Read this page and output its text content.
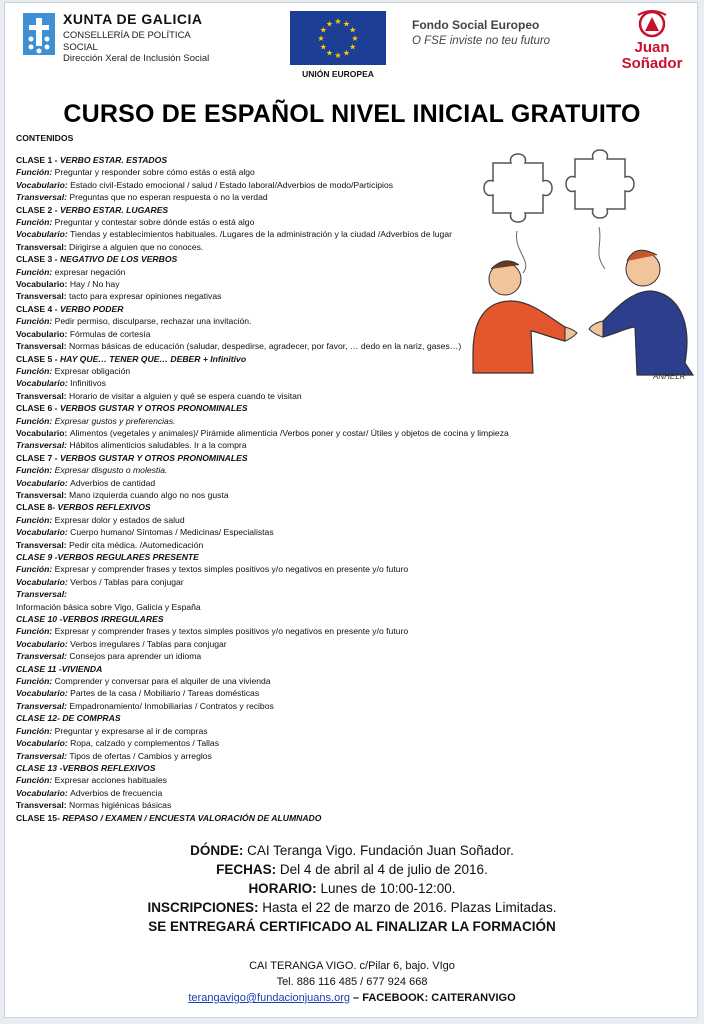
XUNTA DE GALICIA
CONSELLERÍA DE POLÍTICA
SOCIAL
Dirección Xeral de Inclusión Social
★
★
★
★
★
★
★
★
★ ★ ★
★
UNIÓN EUROPEA
Fondo Social Europeo
O FSE inviste no teu futuro	Juan
Soñador
CURSO DE ESPAÑOL NIVEL INICIAL GRATUITO
CONTENIDOS
CLASE 1 - VERBO ESTAR. ESTADOS
Función: Preguntar y responder sobre cómo estás o está algo
Vocabulario: Estado civil-Estado emocional / salud / Estado laboral/Adverbios de modo/Participios
Transversal: Preguntas que no esperan respuesta o no la verdad
CLASE 2 - VERBO ESTAR. LUGARES
Función: Preguntar y contestar sobre dónde estás o está algo
Vocabulario: Tiendas y establecimientos habituales. /Lugares de la administración y la ciudad /Adverbios de lugar
Transversal: Dirigirse a alguien que no conoces.
CLASE 3 - NEGATIVO DE LOS VERBOS
Función: expresar negación
Vocabulario: Hay / No hay
Transversal: tacto para expresar opiniones negativas
CLASE 4 - VERBO PODER
Función: Pedir permiso, disculparse, rechazar una invitación.
Vocabulario: Fórmulas de cortesía
Transversal: Normas básicas de educación (saludar, despedirse, agradecer, por favor, … dedo en la nariz, gases…)
CLASE 5 - HAY QUE… TENER QUE… DEBER + Infinitivo
Función: Expresar obligación
Vocabulario: Infinitivos
Transversal: Horario de visitar a alguien y qué se espera cuando te visitan
CLASE 6 - VERBOS GUSTAR Y OTROS PRONOMINALES
Función: Expresar gustos y preferencias.
Vocabulario: Alimentos (vegetales y animales)/ Pirámide alimenticia /Verbos poner y costar/ Útiles y objetos de cocina y limpieza
Transversal: Hábitos alimenticios saludables. Ir a la compra
CLASE 7 - VERBOS GUSTAR Y OTROS PRONOMINALES
Función: Expresar disgusto o molestia.
Vocabulario: Adverbios de cantidad
Transversal: Mano izquierda cuando algo no nos gusta
CLASE 8- VERBOS REFLEXIVOS
Función: Expresar dolor y estados de salud
Vocabulario: Cuerpo humano/ Síntomas / Medicinas/ Especialistas
Transversal: Pedir cita médica. /Automedicación
CLASE 9 -VERBOS REGULARES PRESENTE
Función: Expresar y comprender frases y textos simples positivos y/o negativos en presente y/o futuro
Vocabulario: Verbos / Tablas para conjugar
Transversal:
Información básica sobre Vigo, Galicia y España
CLASE 10 -VERBOS IRREGULARES
Función: Expresar y comprender frases y textos simples positivos y/o negativos en presente y/o futuro
Vocabulario: Verbos irregulares / Tablas para conjugar
Transversal: Consejos para aprender un idioma
CLASE 11 -VIVIENDA
Función: Comprender y conversar para el alquiler de una vivienda
Vocabulario: Partes de la casa / Mobiliario / Tareas domésticas
Transversal: Empadronamiento/ Inmobiliarias / Contratos y recibos
CLASE 12- DE COMPRAS
Función: Preguntar y expresarse al ir de compras
Vocabulario: Ropa, calzado y complementos / Tallas
Transversal: Tipos de ofertas / Cambios y arreglos
CLASE 13 -VERBOS REFLEXIVOS
Función: Expresar acciones habituales
Vocabulario: Adverbios de frecuencia
Transversal: Normas higiénicas básicas
CLASE 15- REPASO / EXAMEN / ENCUESTA VALORACIÓN DE ALUMNADO
ANHELR
DÓNDE: CAI Teranga Vigo. Fundación Juan Soñador.
FECHAS: Del 4 de abril al 4 de julio de 2016.
HORARIO: Lunes de 10:00-12:00.
INSCRIPCIONES: Hasta el 22 de marzo de 2016. Plazas Limitadas.
SE ENTREGARÁ CERTIFICADO AL FINALIZAR LA FORMACIÓN
CAI TERANGA VIGO. c/Pilar 6, bajo. VIgo
Tel. 886 116 485 / 677 924 668
terangavigo@fundacionjuans.org – FACEBOOK: CAITERANVIGO
